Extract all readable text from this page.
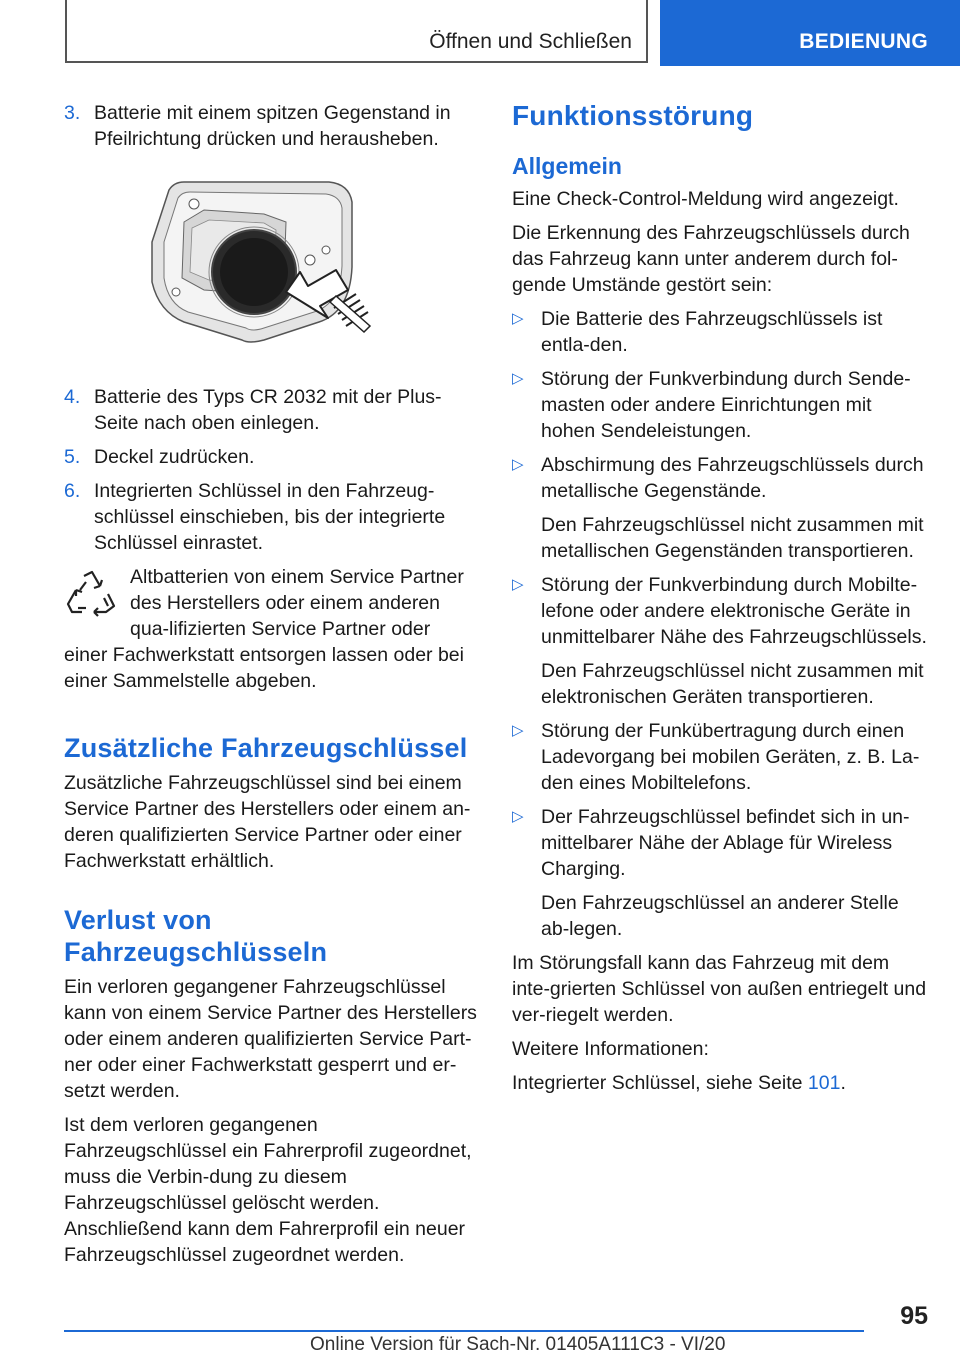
Öffnen und Schließen	BEDIENUNG
3. Batterie mit einem spitzen Gegenstand in Pfeilrichtung drücken und herausheben.
4. Batterie des Typs CR 2032 mit der Plus-Seite nach oben einlegen.
5. Deckel zudrücken.
6. Integrierten Schlüssel in den Fahrzeug-schlüssel einschieben, bis der integrierte Schlüssel einrastet.
Altbatterien von einem Service Partner des Herstellers oder einem anderen qua-lifizierten Service Partner oder einer Fachwerkstatt entsorgen lassen oder bei einer Sammelstelle abgeben.
Zusätzliche Fahrzeugschlüssel

Zusätzliche Fahrzeugschlüssel sind bei einem Service Partner des Herstellers oder einem an-deren qualifizierten Service Partner oder einer Fachwerkstatt erhältlich.

Verlust von Fahrzeugschlüsseln

Ein verloren gegangener Fahrzeugschlüssel kann von einem Service Partner des Herstellers oder einem anderen qualifizierten Service Part-ner oder einer Fachwerkstatt gesperrt und er-setzt werden.

Ist dem verloren gegangenen Fahrzeugschlüssel ein Fahrerprofil zugeordnet, muss die Verbin-dung zu diesem Fahrzeugschlüssel gelöscht werden. Anschließend kann dem Fahrerprofil ein neuer Fahrzeugschlüssel zugeordnet werden.

Funktionsstörung
Allgemein

Eine Check-Control-Meldung wird angezeigt.

Die Erkennung des Fahrzeugschlüssels durch das Fahrzeug kann unter anderem durch fol-gende Umstände gestört sein:

▷ Die Batterie des Fahrzeugschlüssels ist entla-den.
▷ Störung der Funkverbindung durch Sende-masten oder andere Einrichtungen mit hohen Sendeleistungen.
▷ Abschirmung des Fahrzeugschlüssels durch metallische Gegenstände.

Den Fahrzeugschlüssel nicht zusammen mit metallischen Gegenständen transportieren.

▷ Störung der Funkverbindung durch Mobilte-lefone oder andere elektronische Geräte in unmittelbarer Nähe des Fahrzeugschlüssels.

Den Fahrzeugschlüssel nicht zusammen mit elektronischen Geräten transportieren.

▷ Störung der Funkübertragung durch einen Ladevorgang bei mobilen Geräten, z. B. La-den eines Mobiltelefons.
▷ Der Fahrzeugschlüssel befindet sich in un-mittelbarer Nähe der Ablage für Wireless Charging.

Den Fahrzeugschlüssel an anderer Stelle ab-legen.

Im Störungsfall kann das Fahrzeug mit dem inte-grierten Schlüssel von außen entriegelt und ver-riegelt werden.

Weitere Informationen:

Integrierter Schlüssel, siehe Seite 101.

95
Online Version für Sach-Nr. 01405A111C3 - VI/20
